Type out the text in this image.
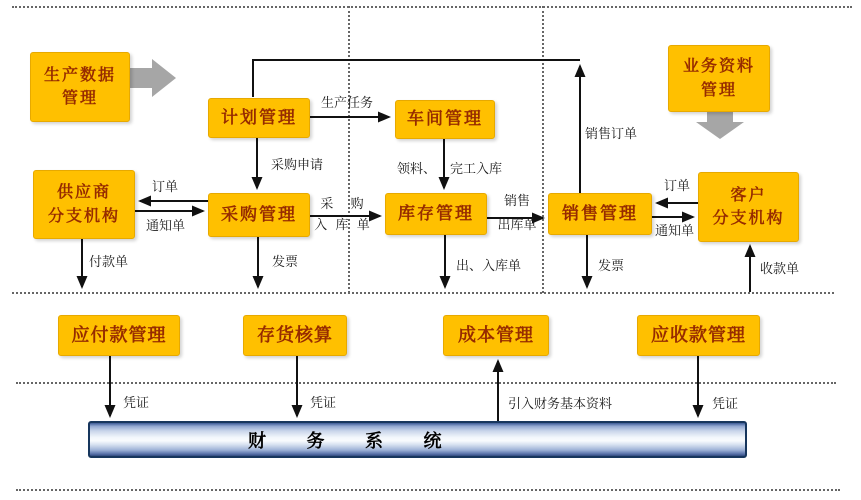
生产数据
管理
业务资料
管理
计划管理	车间管理
供应商
分支机构	采购管理	库存管理	销售管理
客户
分支机构
应付款管理	存货核算	成本管理	应收款管理
财 务 系 统
生产任务
采购申请	领料、 完工入库
订单
通知单
采 购
入 库 单
销售
出库单
订单
通知单
销售订单
付款单	发票	出、入库单	发票	收款单
凭证	凭证	引入财务基本资料	凭证
